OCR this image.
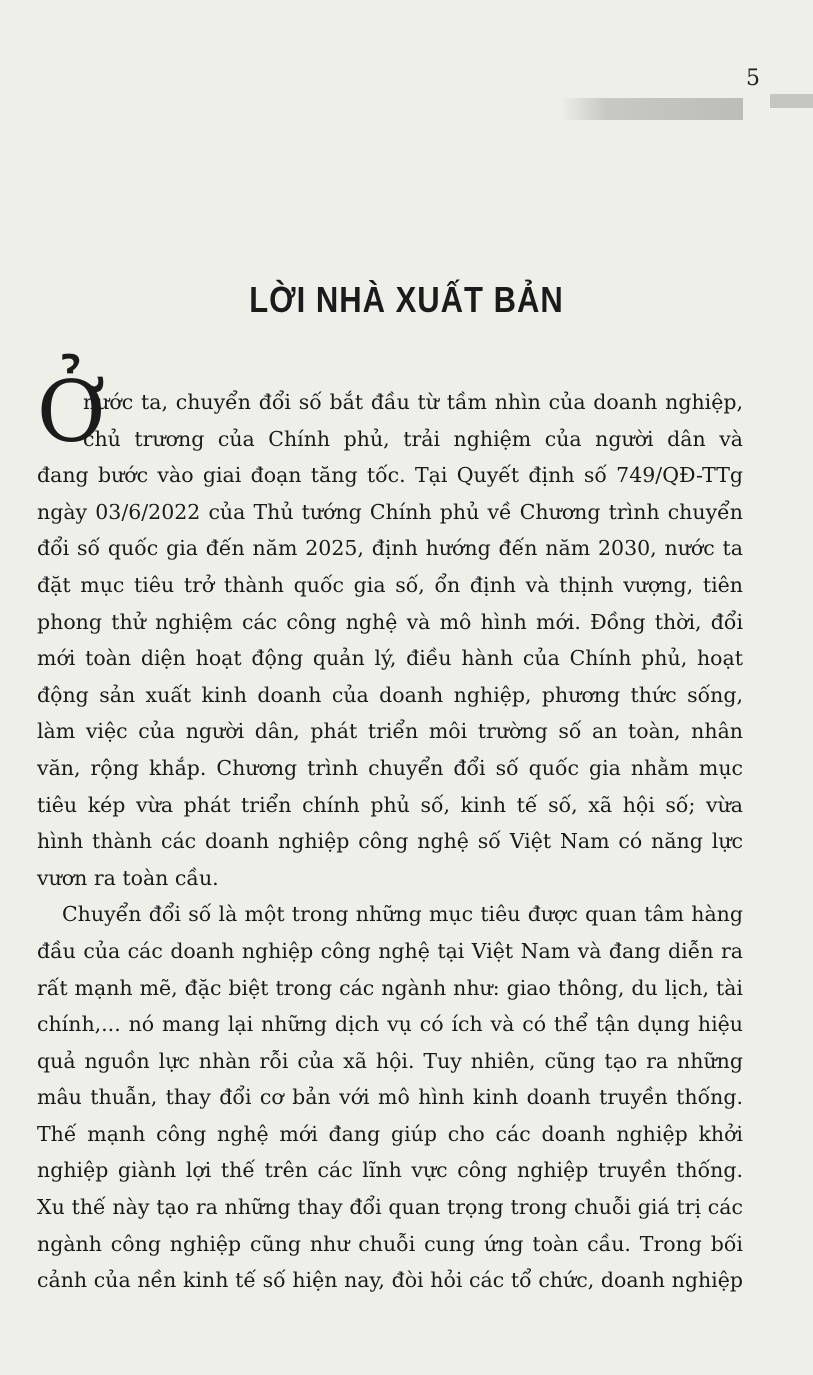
5
LỜI NHÀ XUẤT BẢN
Ở
nước ta, chuyển đổi số bắt đầu từ tầm nhìn của doanh nghiệp,
chủ trương của Chính phủ, trải nghiệm của người dân và
đang bước vào giai đoạn tăng tốc. Tại Quyết định số 749/QĐ-TTg
ngày 03/6/2022 của Thủ tướng Chính phủ về Chương trình chuyển
đổi số quốc gia đến năm 2025, định hướng đến năm 2030, nước ta
đặt mục tiêu trở thành quốc gia số, ổn định và thịnh vượng, tiên
phong thử nghiệm các công nghệ và mô hình mới. Đồng thời, đổi
mới toàn diện hoạt động quản lý, điều hành của Chính phủ, hoạt
động sản xuất kinh doanh của doanh nghiệp, phương thức sống,
làm việc của người dân, phát triển môi trường số an toàn, nhân
văn, rộng khắp. Chương trình chuyển đổi số quốc gia nhằm mục
tiêu kép vừa phát triển chính phủ số, kinh tế số, xã hội số; vừa
hình thành các doanh nghiệp công nghệ số Việt Nam có năng lực
vươn ra toàn cầu.
Chuyển đổi số là một trong những mục tiêu được quan tâm hàng
đầu của các doanh nghiệp công nghệ tại Việt Nam và đang diễn ra
rất mạnh mẽ, đặc biệt trong các ngành như: giao thông, du lịch, tài
chính,... nó mang lại những dịch vụ có ích và có thể tận dụng hiệu
quả nguồn lực nhàn rỗi của xã hội. Tuy nhiên, cũng tạo ra những
mâu thuẫn, thay đổi cơ bản với mô hình kinh doanh truyền thống.
Thế mạnh công nghệ mới đang giúp cho các doanh nghiệp khởi
nghiệp giành lợi thế trên các lĩnh vực công nghiệp truyền thống.
Xu thế này tạo ra những thay đổi quan trọng trong chuỗi giá trị các
ngành công nghiệp cũng như chuỗi cung ứng toàn cầu. Trong bối
cảnh của nền kinh tế số hiện nay, đòi hỏi các tổ chức, doanh nghiệp
